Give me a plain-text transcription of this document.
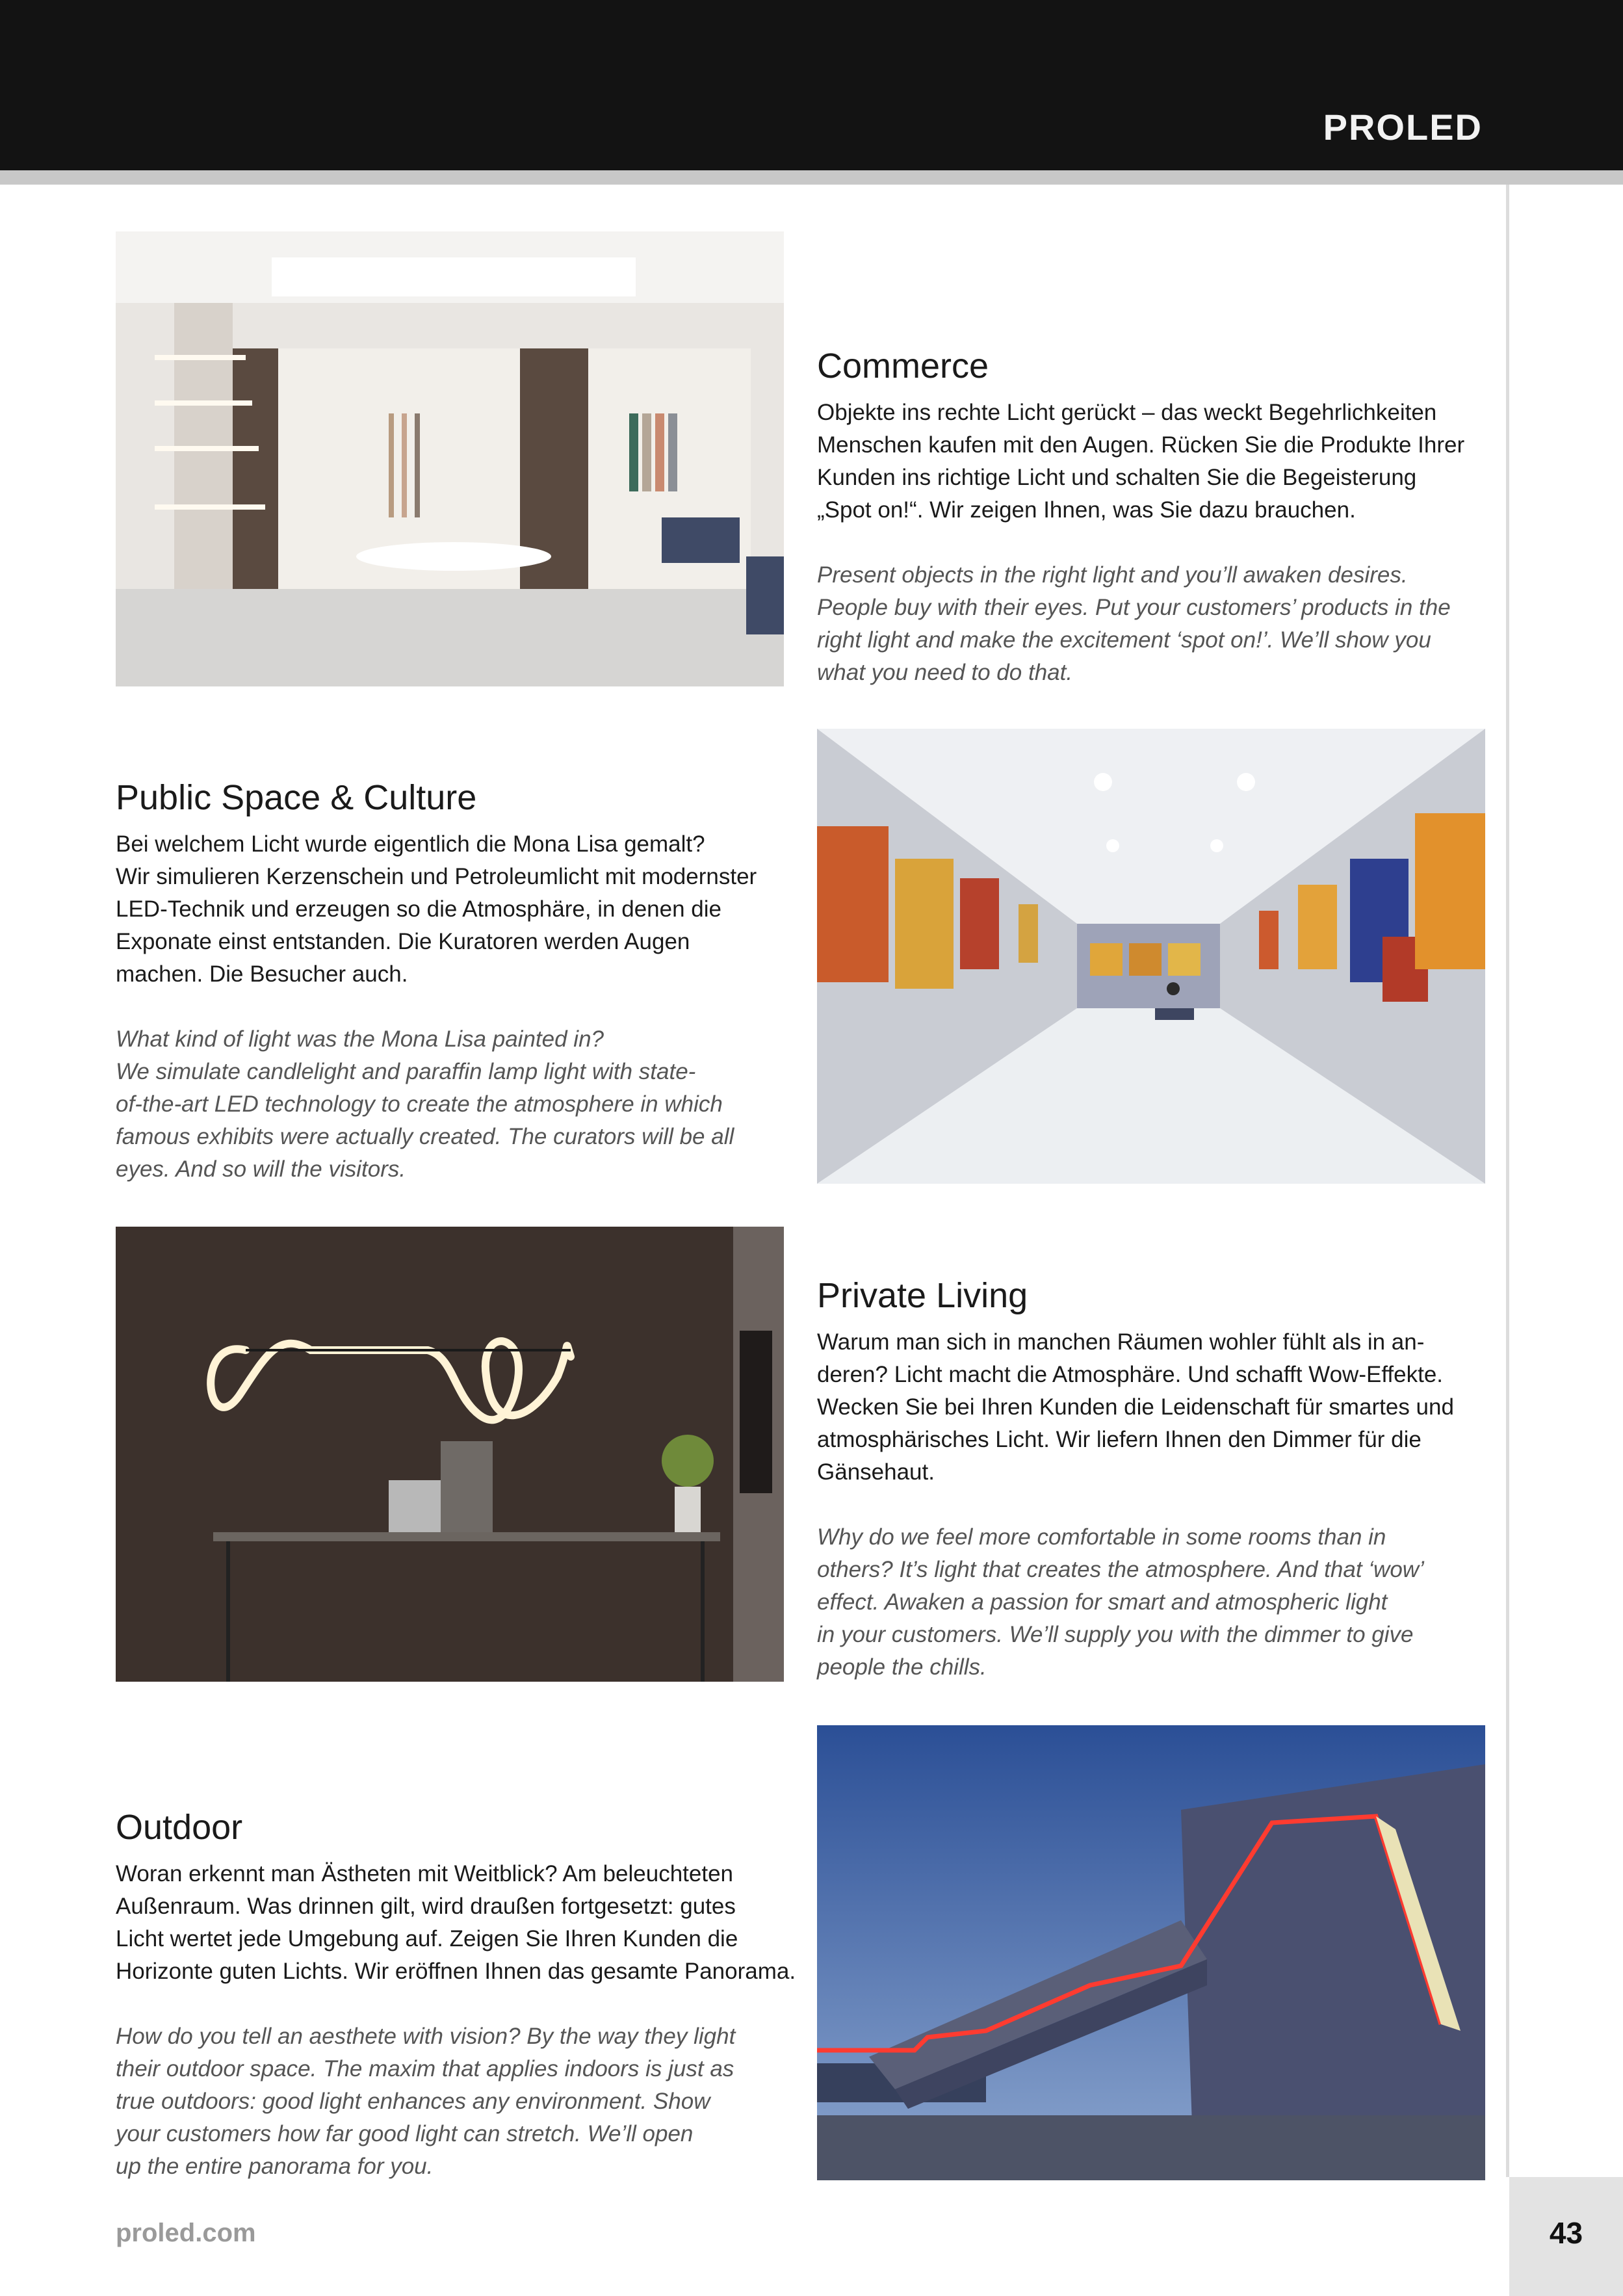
PROLED
Commerce

Objekte ins rechte Licht gerückt – das weckt Begehrlichkeiten
Menschen kaufen mit den Augen. Rücken Sie die Produkte Ihrer
Kunden ins richtige Licht und schalten Sie die Begeisterung
„Spot on!“. Wir zeigen Ihnen, was Sie dazu brauchen.

Present objects in the right light and you’ll awaken desires.
People buy with their eyes. Put your customers’ products in the
right light and make the excitement ‘spot on!’. We’ll show you
what you need to do that.

Public Space & Culture

Bei welchem Licht wurde eigentlich die Mona Lisa gemalt?
Wir simulieren Kerzenschein und Petroleumlicht mit modernster
LED-Technik und erzeugen so die Atmosphäre, in denen die
Exponate einst entstanden. Die Kuratoren werden Augen
machen. Die Besucher auch.

What kind of light was the Mona Lisa painted in?
We simulate candlelight and paraffin lamp light with state-
of-the-art LED technology to create the atmosphere in which
famous exhibits were actually created. The curators will be all
eyes. And so will the visitors.

Private Living

Warum man sich in manchen Räumen wohler fühlt als in an-
deren? Licht macht die Atmosphäre. Und schafft Wow-Effekte.
Wecken Sie bei Ihren Kunden die Leidenschaft für smartes und
atmosphärisches Licht. Wir liefern Ihnen den Dimmer für die
Gänsehaut.

Why do we feel more comfortable in some rooms than in
others? It’s light that creates the atmosphere. And that ‘wow’
effect. Awaken a passion for smart and atmospheric light
in your customers. We’ll supply you with the dimmer to give
people the chills.

Outdoor

Woran erkennt man Ästheten mit Weitblick? Am beleuchteten
Außenraum. Was drinnen gilt, wird draußen fortgesetzt: gutes
Licht wertet jede Umgebung auf. Zeigen Sie Ihren Kunden die
Horizonte guten Lichts. Wir eröffnen Ihnen das gesamte Panorama.

How do you tell an aesthete with vision? By the way they light
their outdoor space. The maxim that applies indoors is just as
true outdoors: good light enhances any environment. Show
your customers how far good light can stretch. We’ll open
up the entire panorama for you.

proled.com	43
